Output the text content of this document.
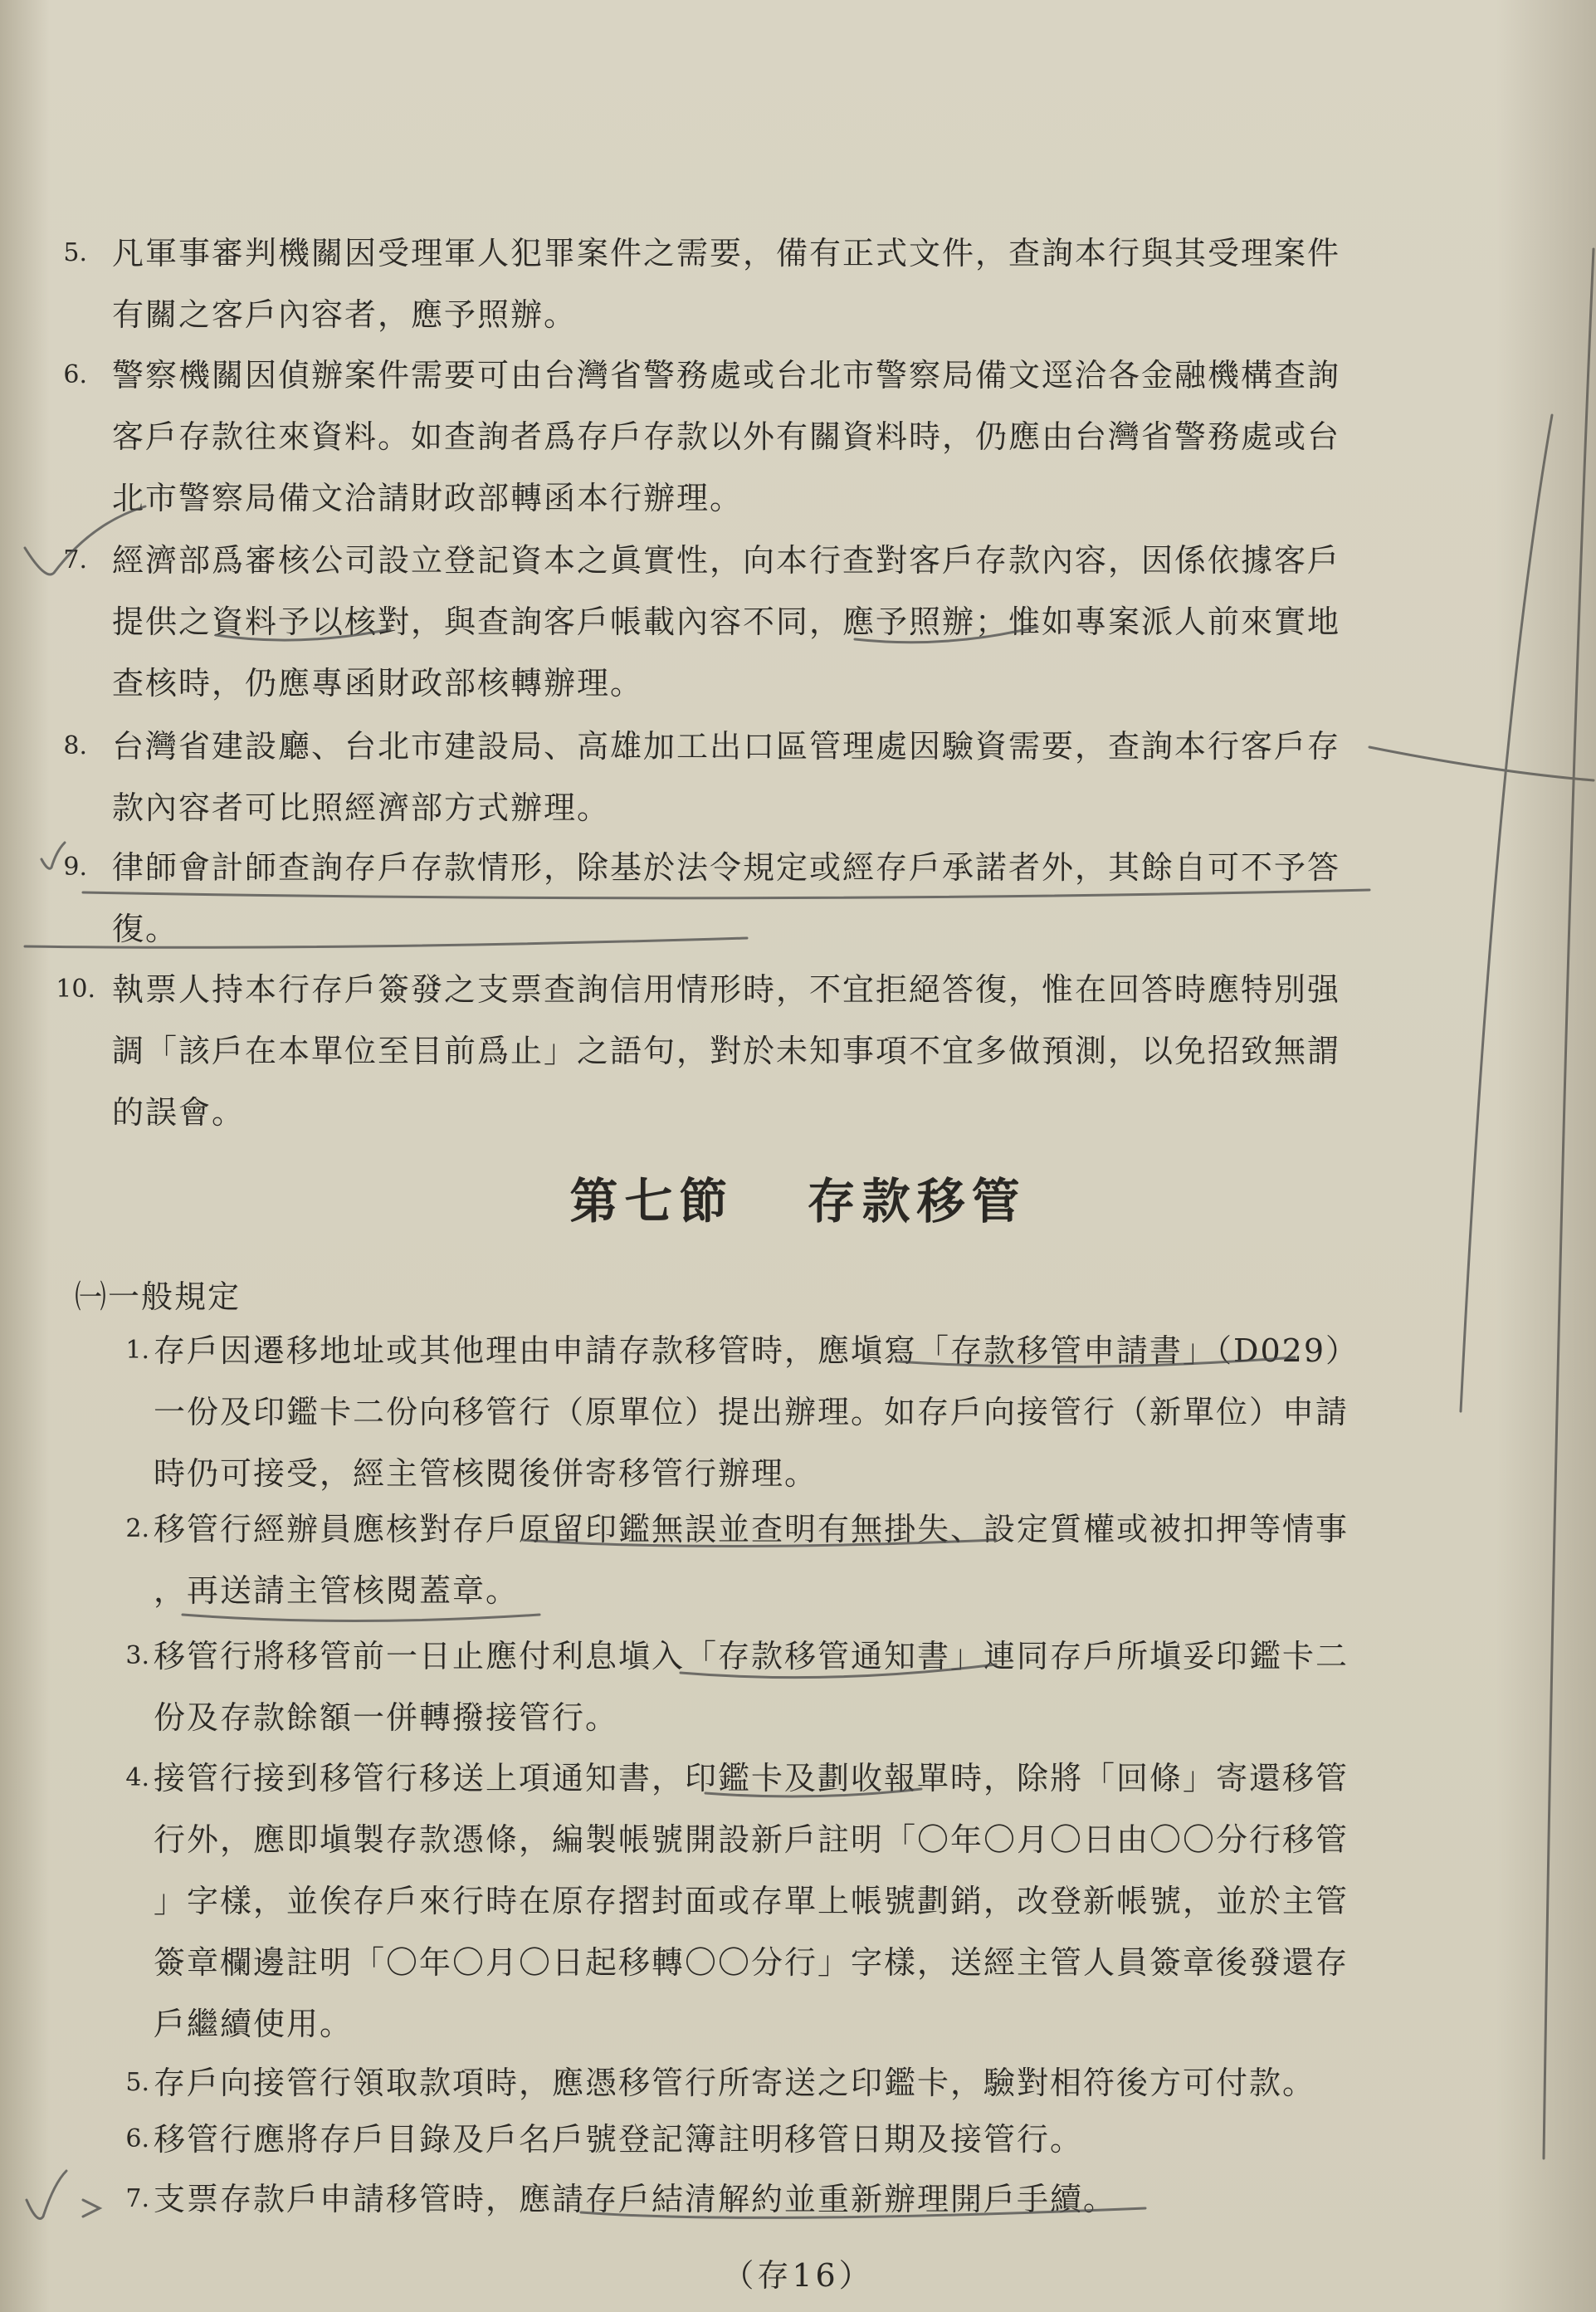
5. 凡軍事審判機關因受理軍人犯罪案件之需要，備有正式文件，查詢本行與其受理案件
有關之客戶內容者，應予照辦。
6. 警察機關因偵辦案件需要可由台灣省警務處或台北市警察局備文逕洽各金融機構查詢
客戶存款往來資料。如查詢者爲存戶存款以外有關資料時，仍應由台灣省警務處或台
北市警察局備文洽請財政部轉函本行辦理。
7. 經濟部爲審核公司設立登記資本之眞實性，向本行查對客戶存款內容，因係依據客戶
提供之資料予以核對，與查詢客戶帳載內容不同，應予照辦；惟如專案派人前來實地
查核時，仍應專函財政部核轉辦理。
8. 台灣省建設廳、台北市建設局、高雄加工出口區管理處因驗資需要，查詢本行客戶存
款內容者可比照經濟部方式辦理。
9. 律師會計師查詢存戶存款情形，除基於法令規定或經存戶承諾者外，其餘自可不予答
復。
10. 執票人持本行存戶簽發之支票查詢信用情形時，不宜拒絕答復，惟在回答時應特別强
調「該戶在本單位至目前爲止」之語句，對於未知事項不宜多做預測，以免招致無謂
的誤會。
第七節 存款移管
㈠一般規定
1. 存戶因遷移地址或其他理由申請存款移管時，應塡寫「存款移管申請書」（D029）
一份及印鑑卡二份向移管行（原單位）提出辦理。如存戶向接管行（新單位）申請
時仍可接受，經主管核閱後併寄移管行辦理。
2. 移管行經辦員應核對存戶原留印鑑無誤並查明有無掛失、設定質權或被扣押等情事
，再送請主管核閱蓋章。
3. 移管行將移管前一日止應付利息塡入「存款移管通知書」連同存戶所塡妥印鑑卡二
份及存款餘額一併轉撥接管行。
4. 接管行接到移管行移送上項通知書，印鑑卡及劃收報單時，除將「回條」寄還移管
行外，應即塡製存款憑條，編製帳號開設新戶註明「〇年〇月〇日由〇〇分行移管
」字樣，並俟存戶來行時在原存摺封面或存單上帳號劃銷，改登新帳號，並於主管
簽章欄邊註明「〇年〇月〇日起移轉〇〇分行」字樣，送經主管人員簽章後發還存
戶繼續使用。
5. 存戶向接管行領取款項時，應憑移管行所寄送之印鑑卡，驗對相符後方可付款。
6. 移管行應將存戶目錄及戶名戶號登記簿註明移管日期及接管行。
7. 支票存款戶申請移管時，應請存戶結清解約並重新辦理開戶手續。
（存16）
